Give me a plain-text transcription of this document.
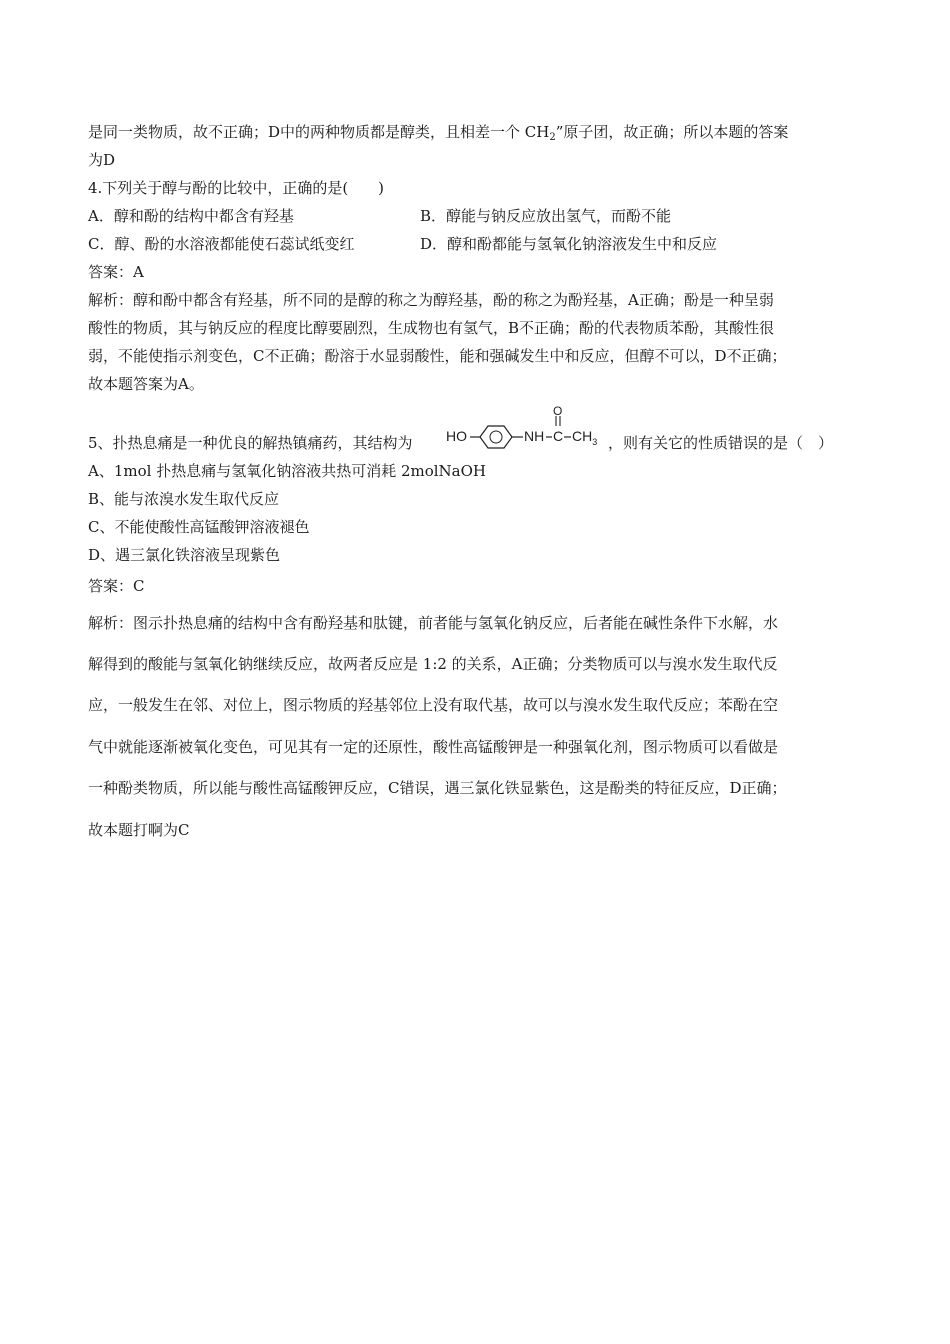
是同一类物质，故不正确；D中的两种物质都是醇类，且相差一个 $CH_2$”原子团，故正确；所以本题的答案
为D
4.下列关于醇与酚的比较中，正确的是(　　)
A．醇和酚的结构中都含有羟基	B．醇能与钠反应放出氢气，而酚不能
C．醇、酚的水溶液都能使石蕊试纸变红	D．醇和酚都能与氢氧化钠溶液发生中和反应
答案：A
解析：醇和酚中都含有羟基，所不同的是醇的称之为醇羟基，酚的称之为酚羟基，A正确；酚是一种呈弱
酸性的物质，其与钠反应的程度比醇要剧烈，生成物也有氢气，B不正确；酚的代表物质苯酚，其酸性很
弱，不能使指示剂变色，C不正确；酚溶于水显弱酸性，能和强碱发生中和反应，但醇不可以，D不正确；
故本题答案为A。
5、扑热息痛是一种优良的解热镇痛药，其结构为 HO	NH C
O
$CH_3$ ，则有关它的性质错误的是（　）
A、1mol 扑热息痛与氢氧化钠溶液共热可消耗 2molNaOH
B、能与浓溴水发生取代反应
C、不能使酸性高锰酸钾溶液褪色
D、遇三氯化铁溶液呈现紫色
答案：C
解析：图示扑热息痛的结构中含有酚羟基和肽键，前者能与氢氧化钠反应，后者能在碱性条件下水解，水
解得到的酸能与氢氧化钠继续反应，故两者反应是 1:2 的关系，A正确；分类物质可以与溴水发生取代反
应，一般发生在邻、对位上，图示物质的羟基邻位上没有取代基，故可以与溴水发生取代反应；苯酚在空
气中就能逐渐被氧化变色，可见其有一定的还原性，酸性高锰酸钾是一种强氧化剂，图示物质可以看做是
一种酚类物质，所以能与酸性高锰酸钾反应，C错误，遇三氯化铁显紫色，这是酚类的特征反应，D正确；
故本题打啊为C
